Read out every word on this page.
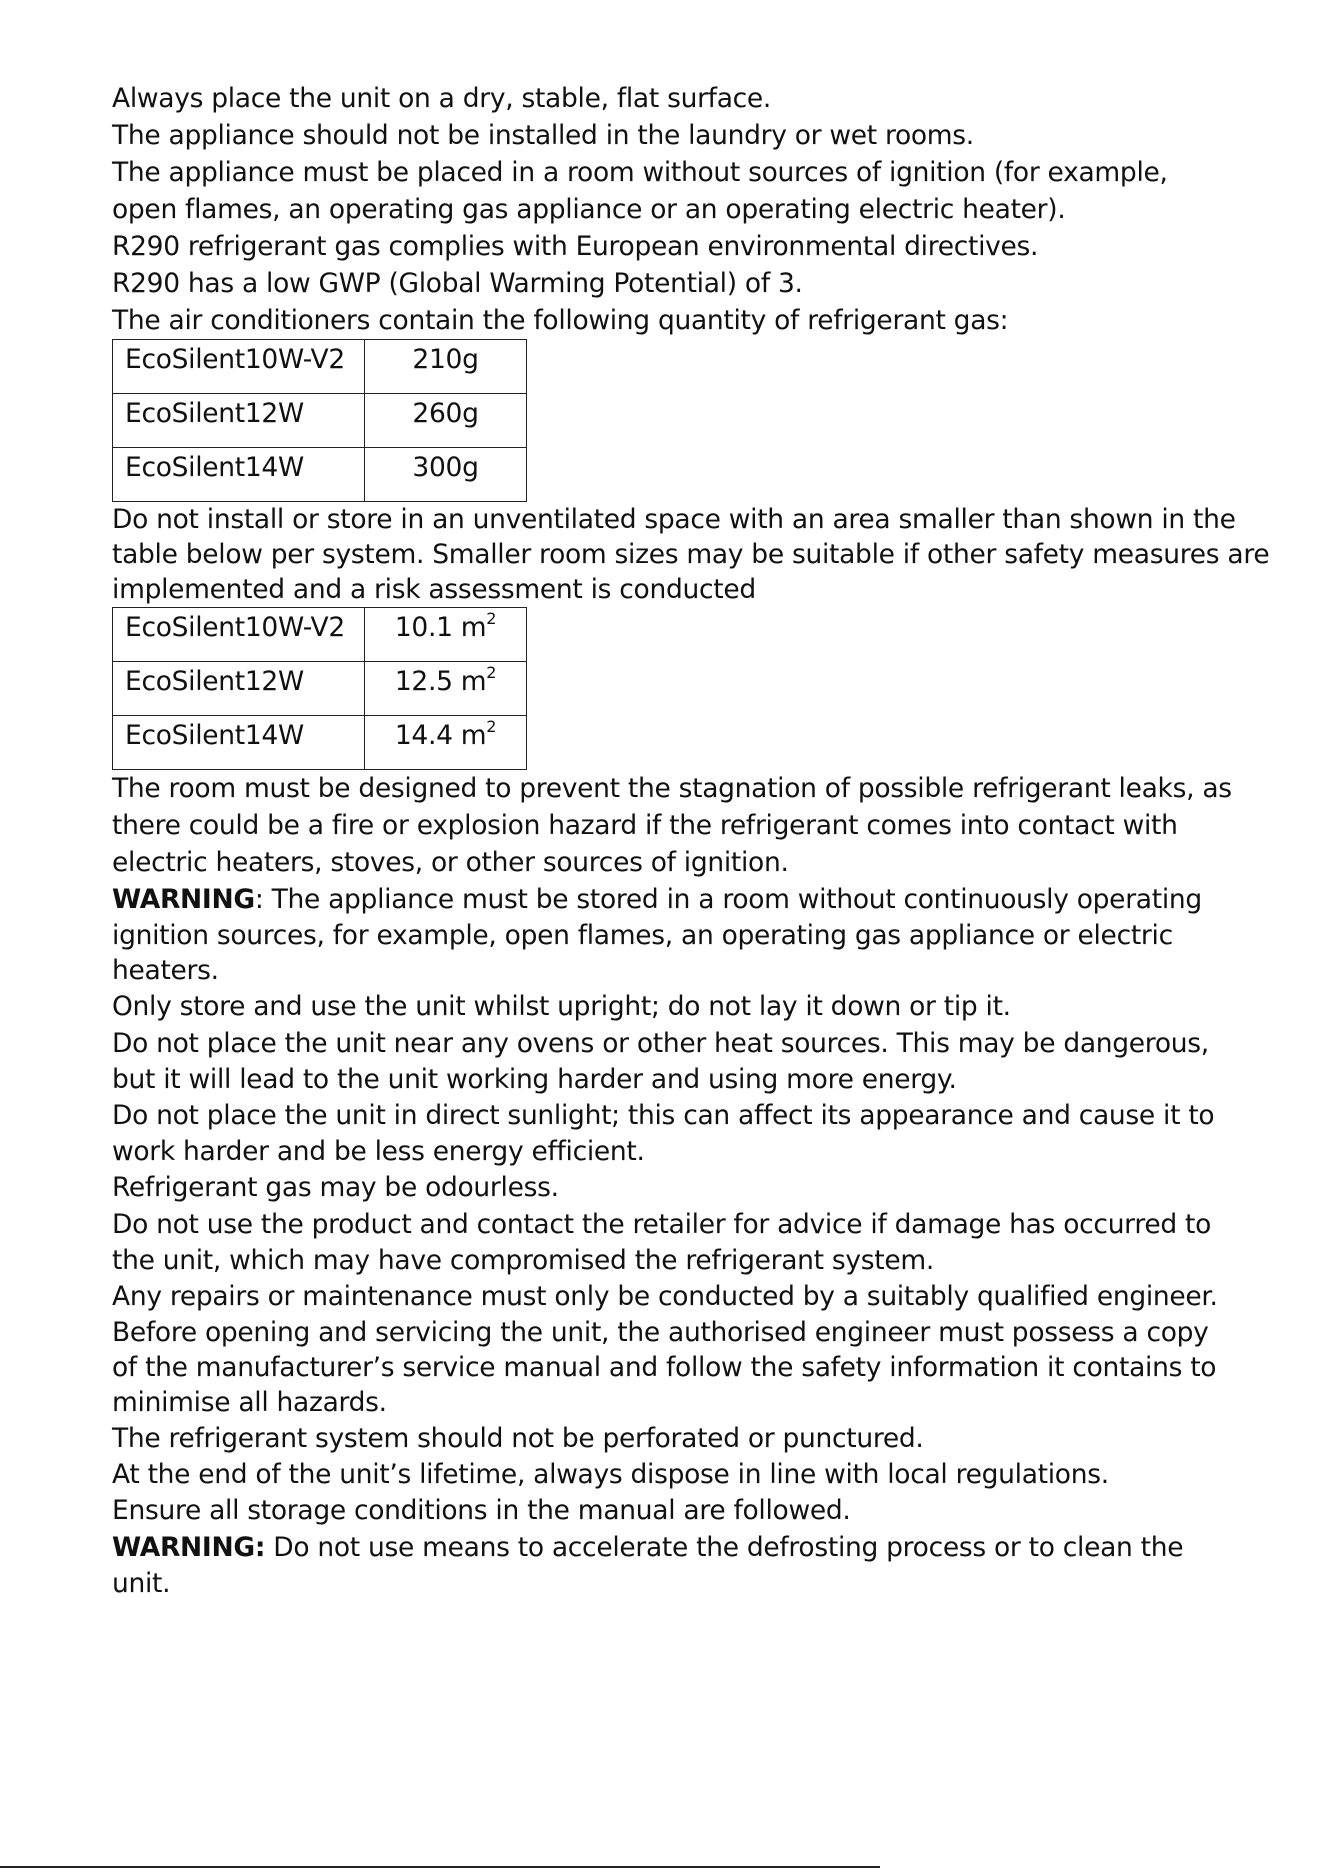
Always place the unit on a dry, stable, flat surface.
The appliance should not be installed in the laundry or wet rooms.
The appliance must be placed in a room without sources of ignition (for example,
open flames, an operating gas appliance or an operating electric heater).
R290 refrigerant gas complies with European environmental directives.
R290 has a low GWP (Global Warming Potential) of 3.
The air conditioners contain the following quantity of refrigerant gas:
EcoSilent10W-V2	210g
EcoSilent12W	260g
EcoSilent14W	300g
Do not install or store in an unventilated space with an area smaller than shown in the
table below per system. Smaller room sizes may be suitable if other safety measures are
implemented and a risk assessment is conducted
EcoSilent10W-V2	10.1 $m^2$
EcoSilent12W	12.5 $m^2$
EcoSilent14W	14.4 $m^2$
The room must be designed to prevent the stagnation of possible refrigerant leaks, as
there could be a fire or explosion hazard if the refrigerant comes into contact with
electric heaters, stoves, or other sources of ignition.
WARNING: The appliance must be stored in a room without continuously operating
ignition sources, for example, open flames, an operating gas appliance or electric
heaters.
Only store and use the unit whilst upright; do not lay it down or tip it.
Do not place the unit near any ovens or other heat sources. This may be dangerous,
but it will lead to the unit working harder and using more energy.
Do not place the unit in direct sunlight; this can affect its appearance and cause it to
work harder and be less energy efficient.
Refrigerant gas may be odourless.
Do not use the product and contact the retailer for advice if damage has occurred to
the unit, which may have compromised the refrigerant system.
Any repairs or maintenance must only be conducted by a suitably qualified engineer.
Before opening and servicing the unit, the authorised engineer must possess a copy
of the manufacturer’s service manual and follow the safety information it contains to
minimise all hazards.
The refrigerant system should not be perforated or punctured.
At the end of the unit’s lifetime, always dispose in line with local regulations.
Ensure all storage conditions in the manual are followed.
WARNING: Do not use means to accelerate the defrosting process or to clean the
unit.
